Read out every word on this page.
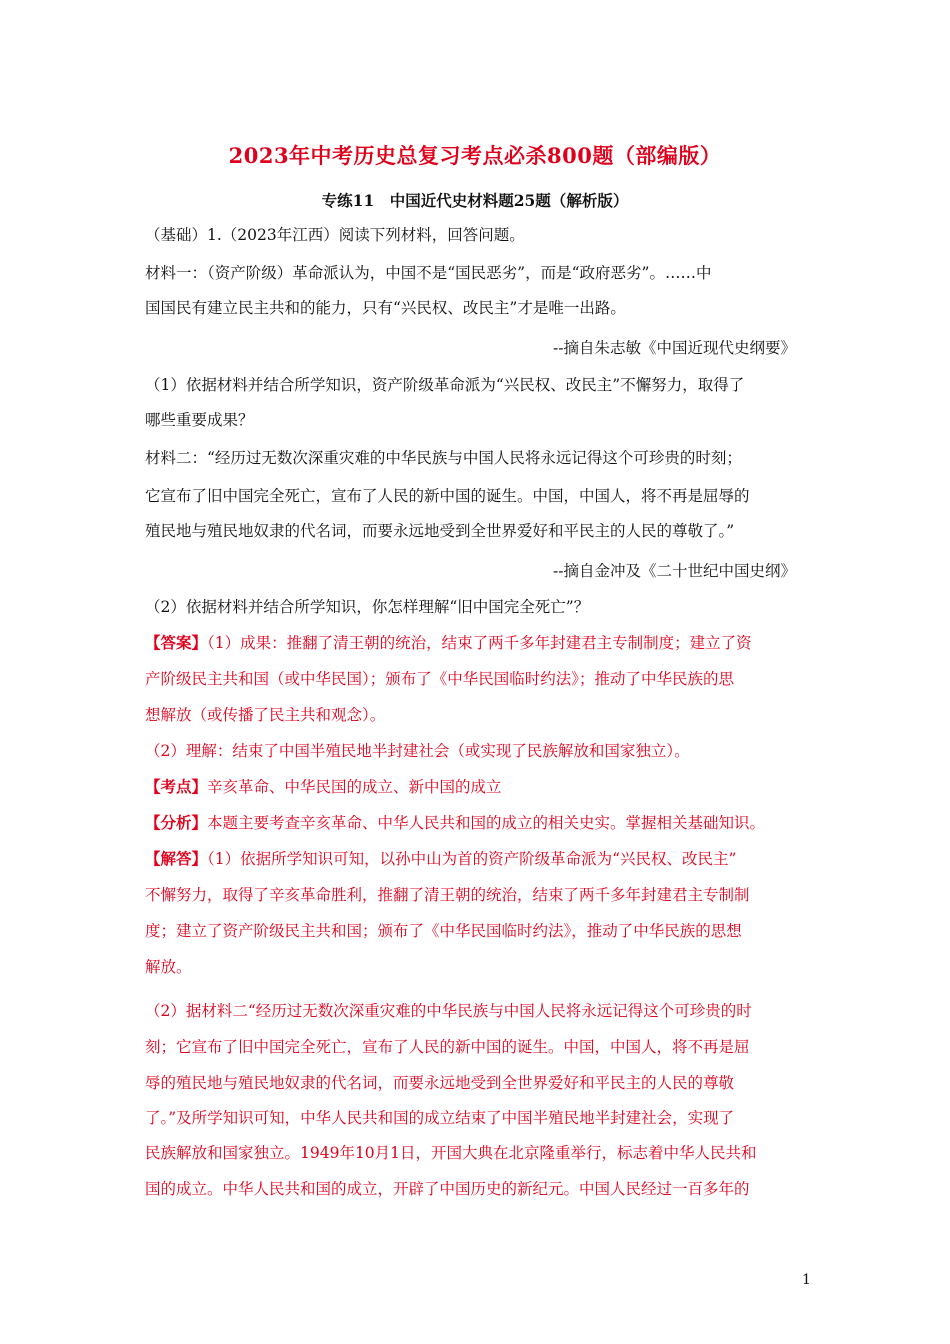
2023年中考历史总复习考点必杀800题（部编版）
专练11　中国近代史材料题25题（解析版）
（基础）1.（2023年江西）阅读下列材料，回答问题。
材料一：（资产阶级）革命派认为，中国不是“国民恶劣”，而是“政府恶劣”。……中
国国民有建立民主共和的能力，只有“兴民权、改民主”才是唯一出路。
--摘自朱志敏《中国近现代史纲要》
（1）依据材料并结合所学知识，资产阶级革命派为“兴民权、改民主”不懈努力，取得了
哪些重要成果？
材料二：“经历过无数次深重灾难的中华民族与中国人民将永远记得这个可珍贵的时刻；
它宣布了旧中国完全死亡，宣布了人民的新中国的诞生。中国，中国人，将不再是屈辱的
殖民地与殖民地奴隶的代名词，而要永远地受到全世界爱好和平民主的人民的尊敬了。”
--摘自金冲及《二十世纪中国史纲》
（2）依据材料并结合所学知识，你怎样理解“旧中国完全死亡”？
【答案】（1）成果：推翻了清王朝的统治，结束了两千多年封建君主专制制度；建立了资
产阶级民主共和国（或中华民国）；颁布了《中华民国临时约法》；推动了中华民族的思
想解放（或传播了民主共和观念）。
（2）理解：结束了中国半殖民地半封建社会（或实现了民族解放和国家独立）。
【考点】辛亥革命、中华民国的成立、新中国的成立
【分析】本题主要考查辛亥革命、中华人民共和国的成立的相关史实。掌握相关基础知识。
【解答】（1）依据所学知识可知，以孙中山为首的资产阶级革命派为“兴民权、改民主”
不懈努力，取得了辛亥革命胜利，推翻了清王朝的统治，结束了两千多年封建君主专制制
度；建立了资产阶级民主共和国；颁布了《中华民国临时约法》，推动了中华民族的思想
解放。
（2）据材料二“经历过无数次深重灾难的中华民族与中国人民将永远记得这个可珍贵的时
刻；它宣布了旧中国完全死亡，宣布了人民的新中国的诞生。中国，中国人，将不再是屈
辱的殖民地与殖民地奴隶的代名词，而要永远地受到全世界爱好和平民主的人民的尊敬
了。”及所学知识可知，中华人民共和国的成立结束了中国半殖民地半封建社会，实现了
民族解放和国家独立。1949年10月1日，开国大典在北京隆重举行，标志着中华人民共和
国的成立。中华人民共和国的成立，开辟了中国历史的新纪元。中国人民经过一百多年的
1
